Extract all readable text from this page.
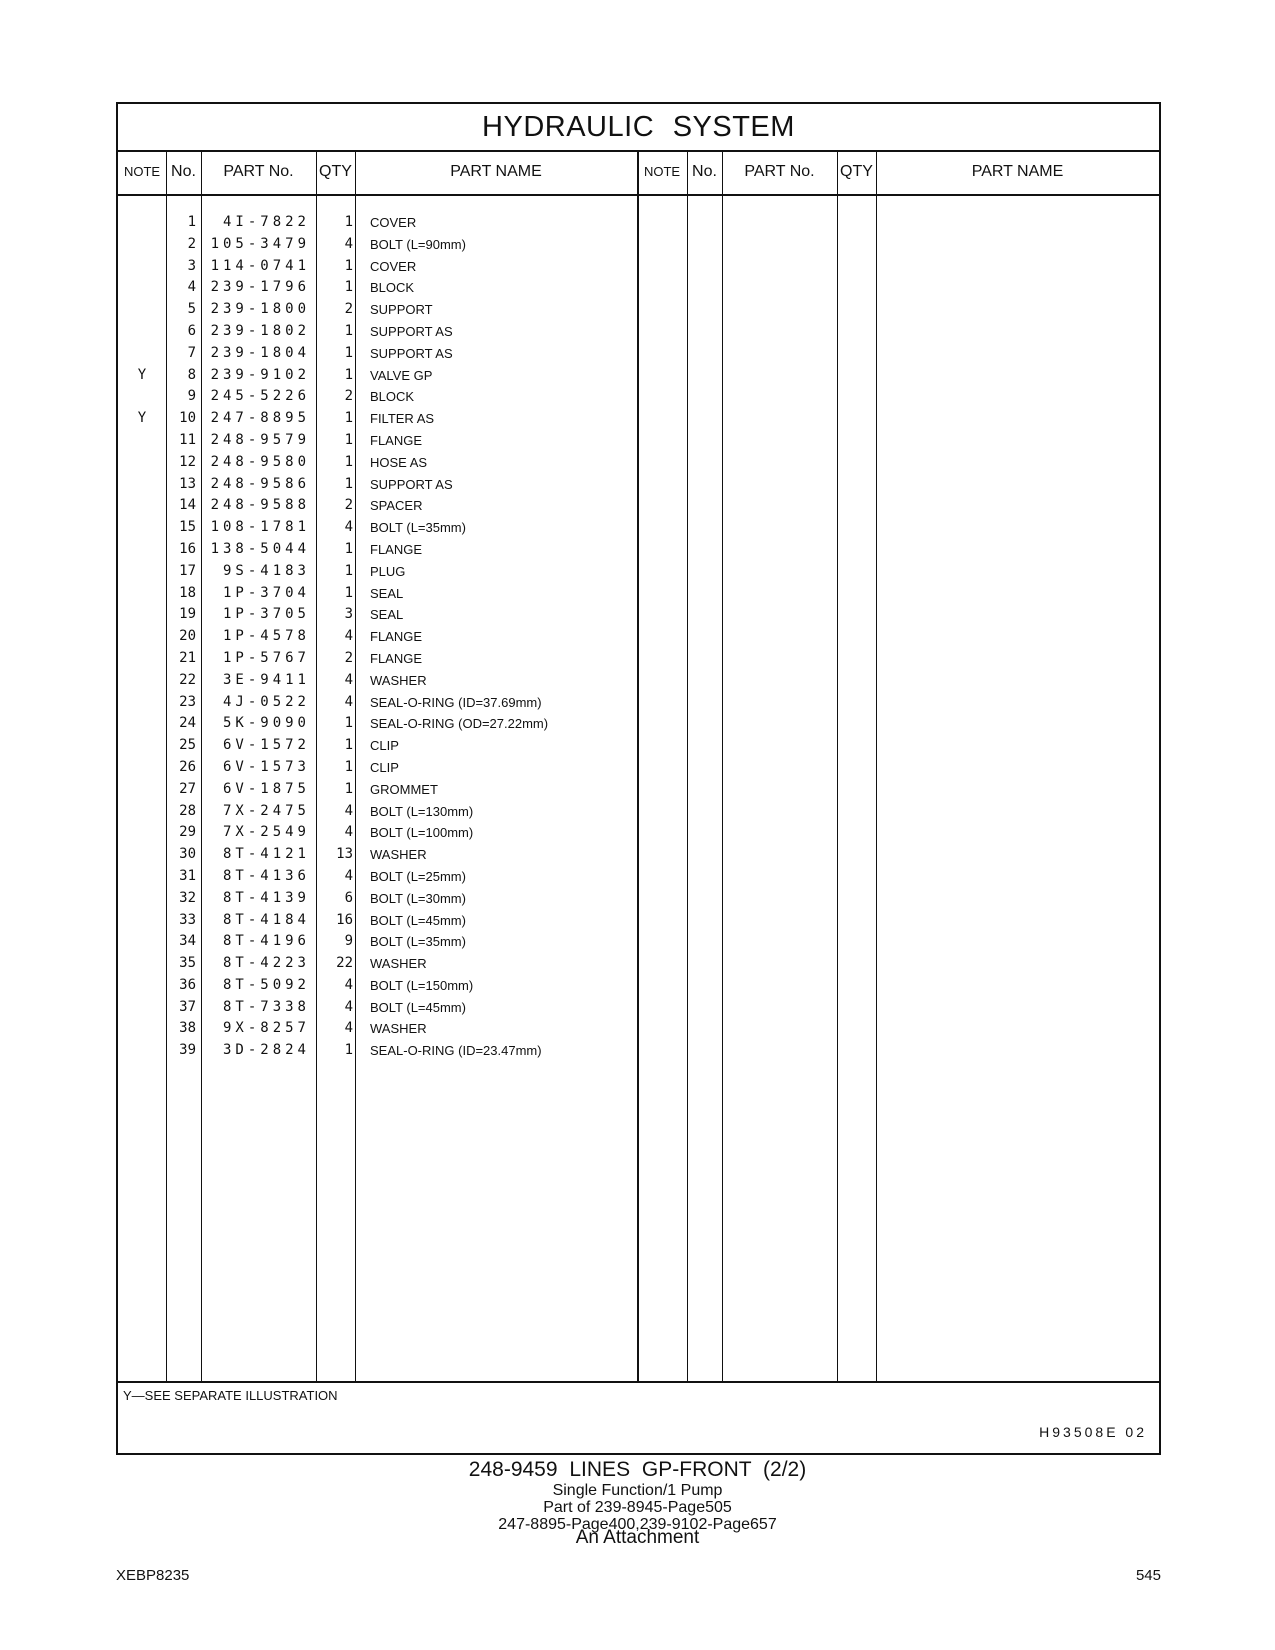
HYDRAULIC SYSTEM
NOTE No.	PART No.	QTY	PART NAME	NOTE No.	PART No.	QTY	PART NAME
1	4I-7822	1 COVER
2	105-3479	4 BOLT (L=90mm)
3	114-0741	1 COVER
4	239-1796	1 BLOCK
5	239-1800	2 SUPPORT
6	239-1802	1 SUPPORT AS
7	239-1804	1 SUPPORT AS
Y	8	239-9102	1 VALVE GP
9	245-5226	2 BLOCK
Y	10	247-8895	1 FILTER AS
11	248-9579	1 FLANGE
12	248-9580	1 HOSE AS
13	248-9586	1 SUPPORT AS
14	248-9588	2 SPACER
15	108-1781	4 BOLT (L=35mm)
16	138-5044	1 FLANGE
17	9S-4183	1 PLUG
18	1P-3704	1 SEAL
19	1P-3705	3 SEAL
20	1P-4578	4 FLANGE
21	1P-5767	2 FLANGE
22	3E-9411	4 WASHER
23	4J-0522	4 SEAL-O-RING (ID=37.69mm)
24	5K-9090	1 SEAL-O-RING (OD=27.22mm)
25	6V-1572	1 CLIP
26	6V-1573	1 CLIP
27	6V-1875	1 GROMMET
28	7X-2475	4 BOLT (L=130mm)
29	7X-2549	4 BOLT (L=100mm)
30	8T-4121	13 WASHER
31	8T-4136	4 BOLT (L=25mm)
32	8T-4139	6 BOLT (L=30mm)
33	8T-4184	16 BOLT (L=45mm)
34	8T-4196	9 BOLT (L=35mm)
35	8T-4223	22 WASHER
36	8T-5092	4 BOLT (L=150mm)
37	8T-7338	4 BOLT (L=45mm)
38	9X-8257	4 WASHER
39	3D-2824	1 SEAL-O-RING (ID=23.47mm)
Y—SEE SEPARATE ILLUSTRATION
H93508E 02
248-9459 LINES GP-FRONT (2/2)
Single Function/1 Pump
Part of 239-8945-Page505
247-8895-Page400,239-9102-Page657
An Attachment
XEBP8235	545
